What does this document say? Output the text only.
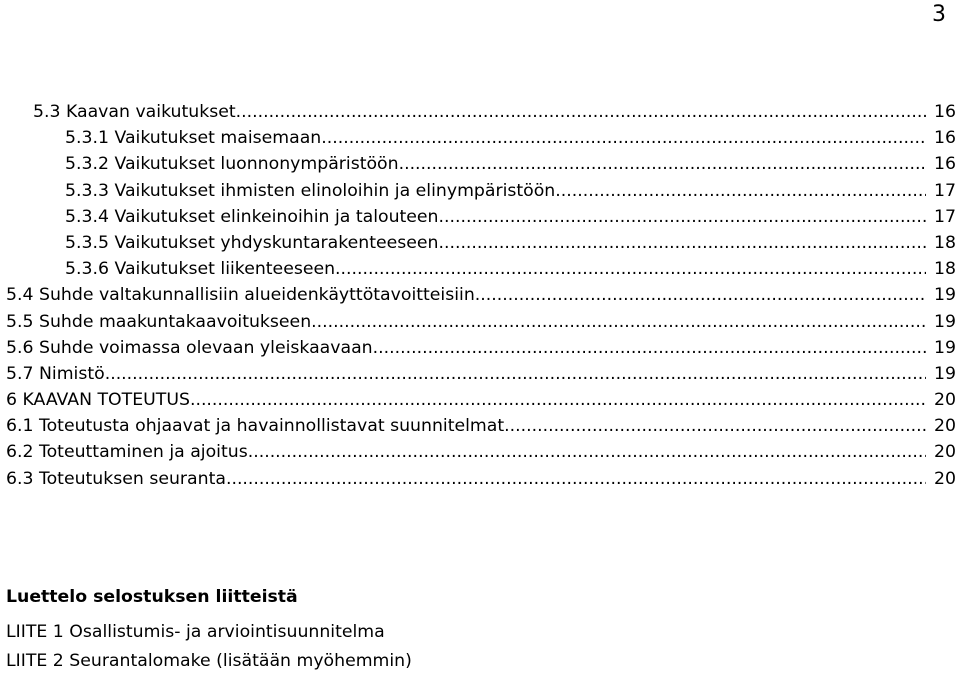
3
5.3 Kaavan vaikutukset .....	16
5.3.1 Vaikutukset maisemaan .....	16
5.3.2 Vaikutukset luonnonympäristöön .....	16
5.3.3 Vaikutukset ihmisten elinoloihin ja elinympäristöön .....	17
5.3.4 Vaikutukset elinkeinoihin ja talouteen .....	17
5.3.5 Vaikutukset yhdyskuntarakenteeseen .....	18
5.3.6 Vaikutukset liikenteeseen .....	18
5.4 Suhde valtakunnallisiin alueidenkäyttötavoitteisiin .....	19
5.5 Suhde maakuntakaavoitukseen .....	19
5.6 Suhde voimassa olevaan yleiskaavaan .....	19
5.7 Nimistö .....	19
6 KAAVAN TOTEUTUS .....	20
6.1 Toteutusta ohjaavat ja havainnollistavat suunnitelmat .....	20
6.2 Toteuttaminen ja ajoitus .....	20
6.3 Toteutuksen seuranta .....	20
Luettelo selostuksen liitteistä
LIITE 1 Osallistumis- ja arviointisuunnitelma
LIITE 2 Seurantalomake (lisätään myöhemmin)
